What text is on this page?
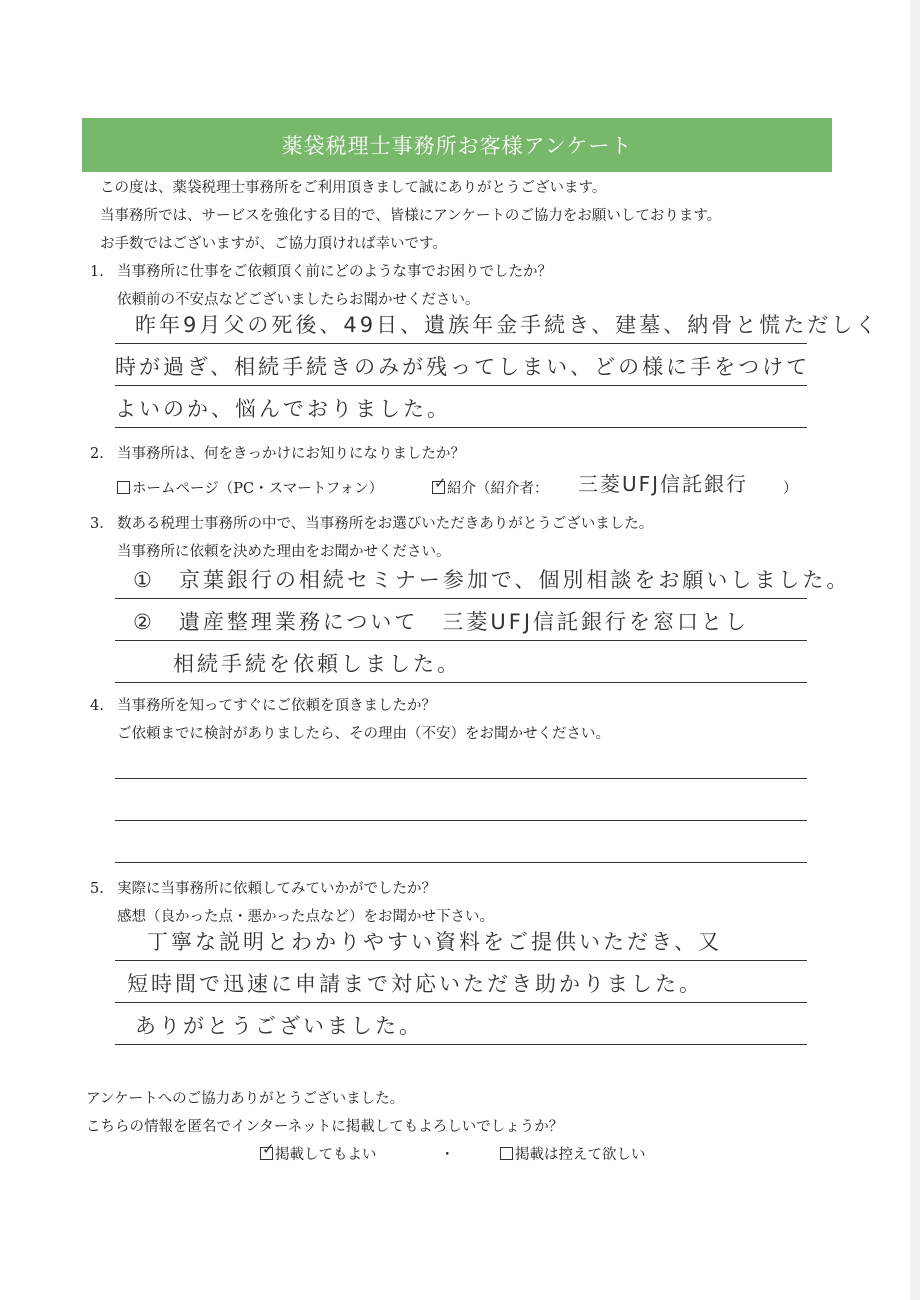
薬袋税理士事務所お客様アンケート
この度は、薬袋税理士事務所をご利用頂きまして誠にありがとうございます。
当事務所では、サービスを強化する目的で、皆様にアンケートのご協力をお願いしております。
お手数ではございますが、ご協力頂ければ幸いです。
1. 当事務所に仕事をご依頼頂く前にどのような事でお困りでしたか？
依頼前の不安点などございましたらお聞かせください。
昨年9月父の死後、49日、遺族年金手続き、建墓、納骨と慌ただしく
時が過ぎ、相続手続きのみが残ってしまい、どの様に手をつけて
よいのか、悩んでおりました。
2. 当事務所は、何をきっかけにお知りになりましたか？
ホームページ（PC・スマートフォン）
✓	紹介（紹介者： 三菱UFJ信託銀行 ）
3. 数ある税理士事務所の中で、当事務所をお選びいただきありがとうございました。
当事務所に依頼を決めた理由をお聞かせください。
①　京葉銀行の相続セミナー参加で、個別相談をお願いしました。
②　遺産整理業務について　三菱UFJ信託銀行を窓口とし
相続手続を依頼しました。
4. 当事務所を知ってすぐにご依頼を頂きましたか？
ご依頼までに検討がありましたら、その理由（不安）をお聞かせください。
5. 実際に当事務所に依頼してみていかがでしたか？
感想（良かった点・悪かった点など）をお聞かせ下さい。
丁寧な説明とわかりやすい資料をご提供いただき、又
短時間で迅速に申請まで対応いただき助かりました。
ありがとうございました。
アンケートへのご協力ありがとうございました。
こちらの情報を匿名でインターネットに掲載してもよろしいでしょうか？
✓掲載してもよい	・	掲載は控えて欲しい
